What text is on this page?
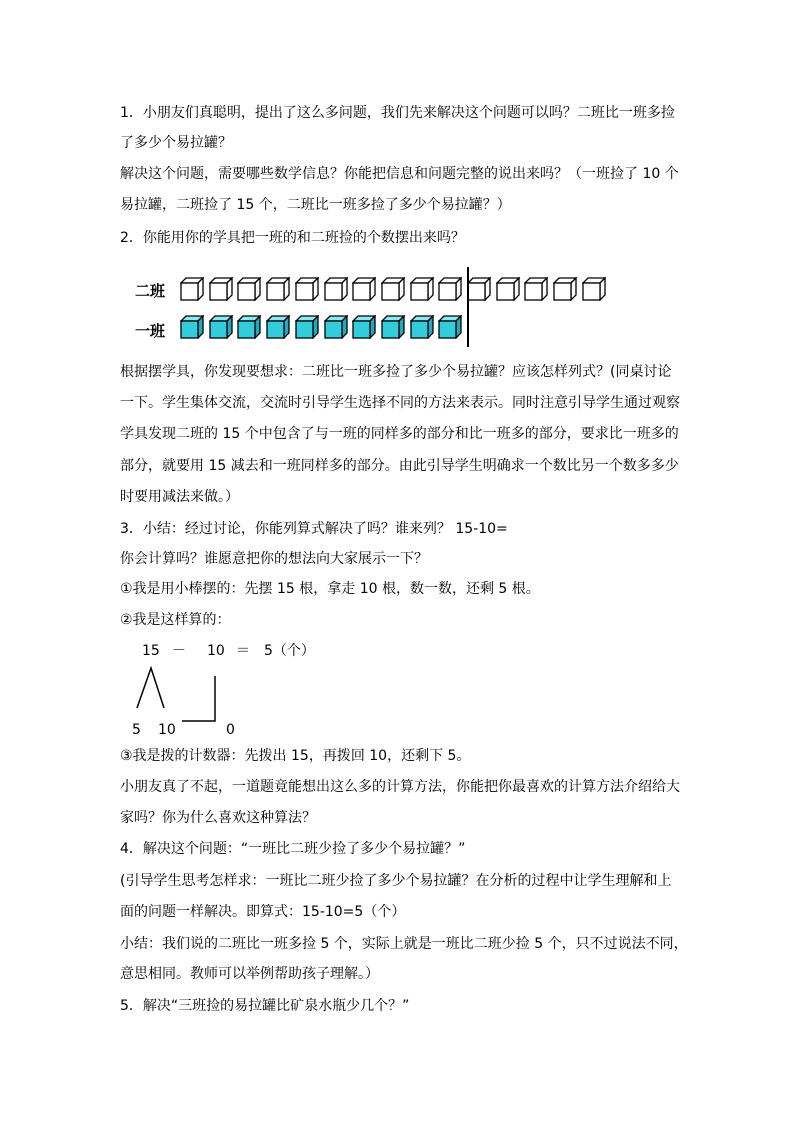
1．小朋友们真聪明，提出了这么多问题，我们先来解决这个问题可以吗？二班比一班多捡
了多少个易拉罐？
解决这个问题，需要哪些数学信息？你能把信息和问题完整的说出来吗？（一班捡了 10 个
易拉罐，二班捡了 15 个，二班比一班多捡了多少个易拉罐？）
2．你能用你的学具把一班的和二班捡的个数摆出来吗？
二班
一班
根据摆学具，你发现要想求：二班比一班多捡了多少个易拉罐？应该怎样列式？(同桌讨论
一下。学生集体交流，交流时引导学生选择不同的方法来表示。同时注意引导学生通过观察
学具发现二班的 15 个中包含了与一班的同样多的部分和比一班多的部分，要求比一班多的
部分，就要用 15 减去和一班同样多的部分。由此引导学生明确求一个数比另一个数多多少
时要用减法来做。）
3．小结：经过讨论，你能列算式解决了吗？谁来列？ 15-10=
你会计算吗？谁愿意把你的想法向大家展示一下？
①我是用小棒摆的：先摆 15 根，拿走 10 根，数一数，还剩 5 根。
②我是这样算的：
15 － 10 ＝ 5（个）
5 10	0
③我是拨的计数器：先拨出 15，再拨回 10，还剩下 5。
小朋友真了不起，一道题竟能想出这么多的计算方法，你能把你最喜欢的计算方法介绍给大
家吗？你为什么喜欢这种算法？
4．解决这个问题：“一班比二班少捡了多少个易拉罐？”
(引导学生思考怎样求：一班比二班少捡了多少个易拉罐？在分析的过程中让学生理解和上
面的问题一样解决。即算式：15-10=5（个）
小结：我们说的二班比一班多捡 5 个，实际上就是一班比二班少捡 5 个，只不过说法不同，
意思相同。教师可以举例帮助孩子理解。）
5．解决“三班捡的易拉罐比矿泉水瓶少几个？”
